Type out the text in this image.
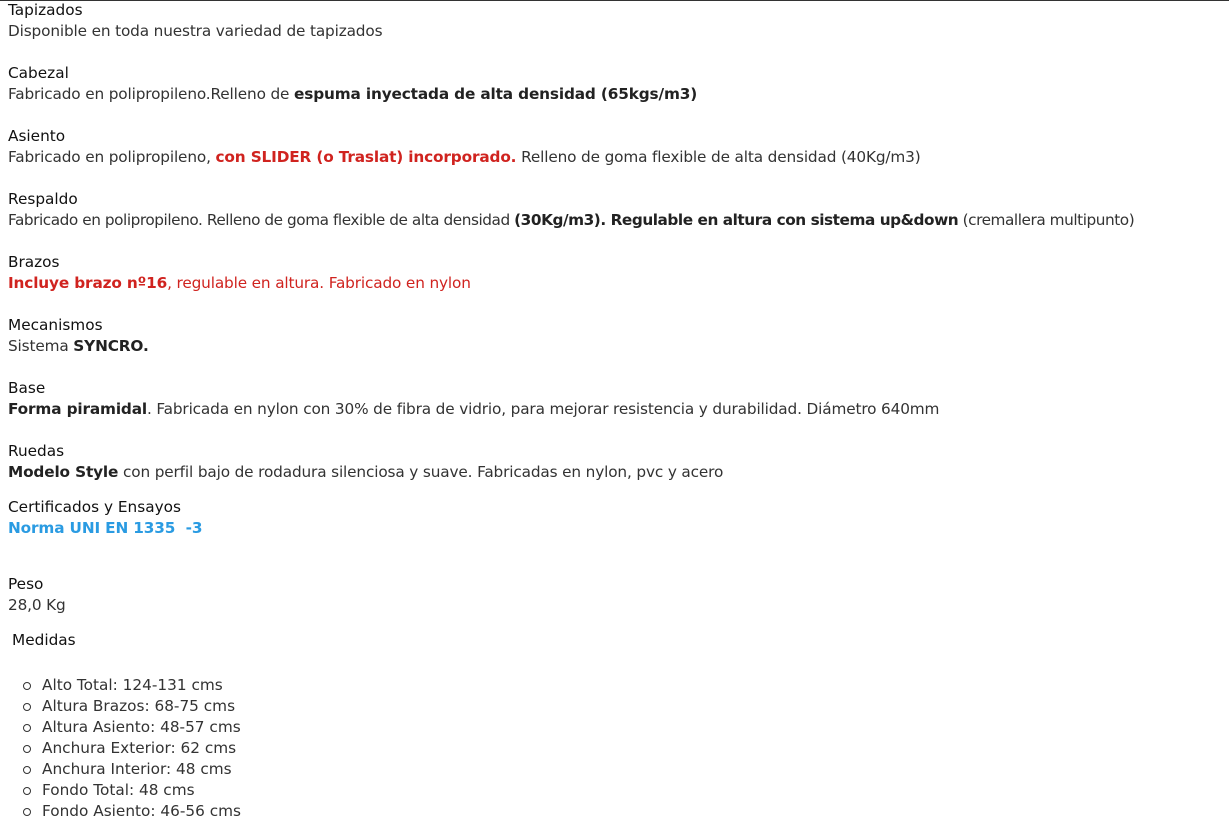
Tapizados
Disponible en toda nuestra variedad de tapizados
Cabezal
Fabricado en polipropileno.Relleno de espuma inyectada de alta densidad (65kgs/m3)
Asiento
Fabricado en polipropileno, con SLIDER (o Traslat) incorporado. Relleno de goma flexible de alta densidad (40Kg/m3)
Respaldo
Fabricado en polipropileno. Relleno de goma flexible de alta densidad (30Kg/m3). Regulable en altura con sistema up&down (cremallera multipunto)
Brazos
Incluye brazo nº16, regulable en altura. Fabricado en nylon
Mecanismos
Sistema SYNCRO.
Base
Forma piramidal. Fabricada en nylon con 30% de fibra de vidrio, para mejorar resistencia y durabilidad. Diámetro 640mm
Ruedas
Modelo Style con perfil bajo de rodadura silenciosa y suave. Fabricadas en nylon, pvc y acero
Certificados y Ensayos
Norma UNI EN 1335  -3
Peso
28,0 Kg
Medidas
Alto Total: 124-131 cms
Altura Brazos: 68-75 cms
Altura Asiento: 48-57 cms
Anchura Exterior: 62 cms
Anchura Interior: 48 cms
Fondo Total: 48 cms
Fondo Asiento: 46-56 cms
